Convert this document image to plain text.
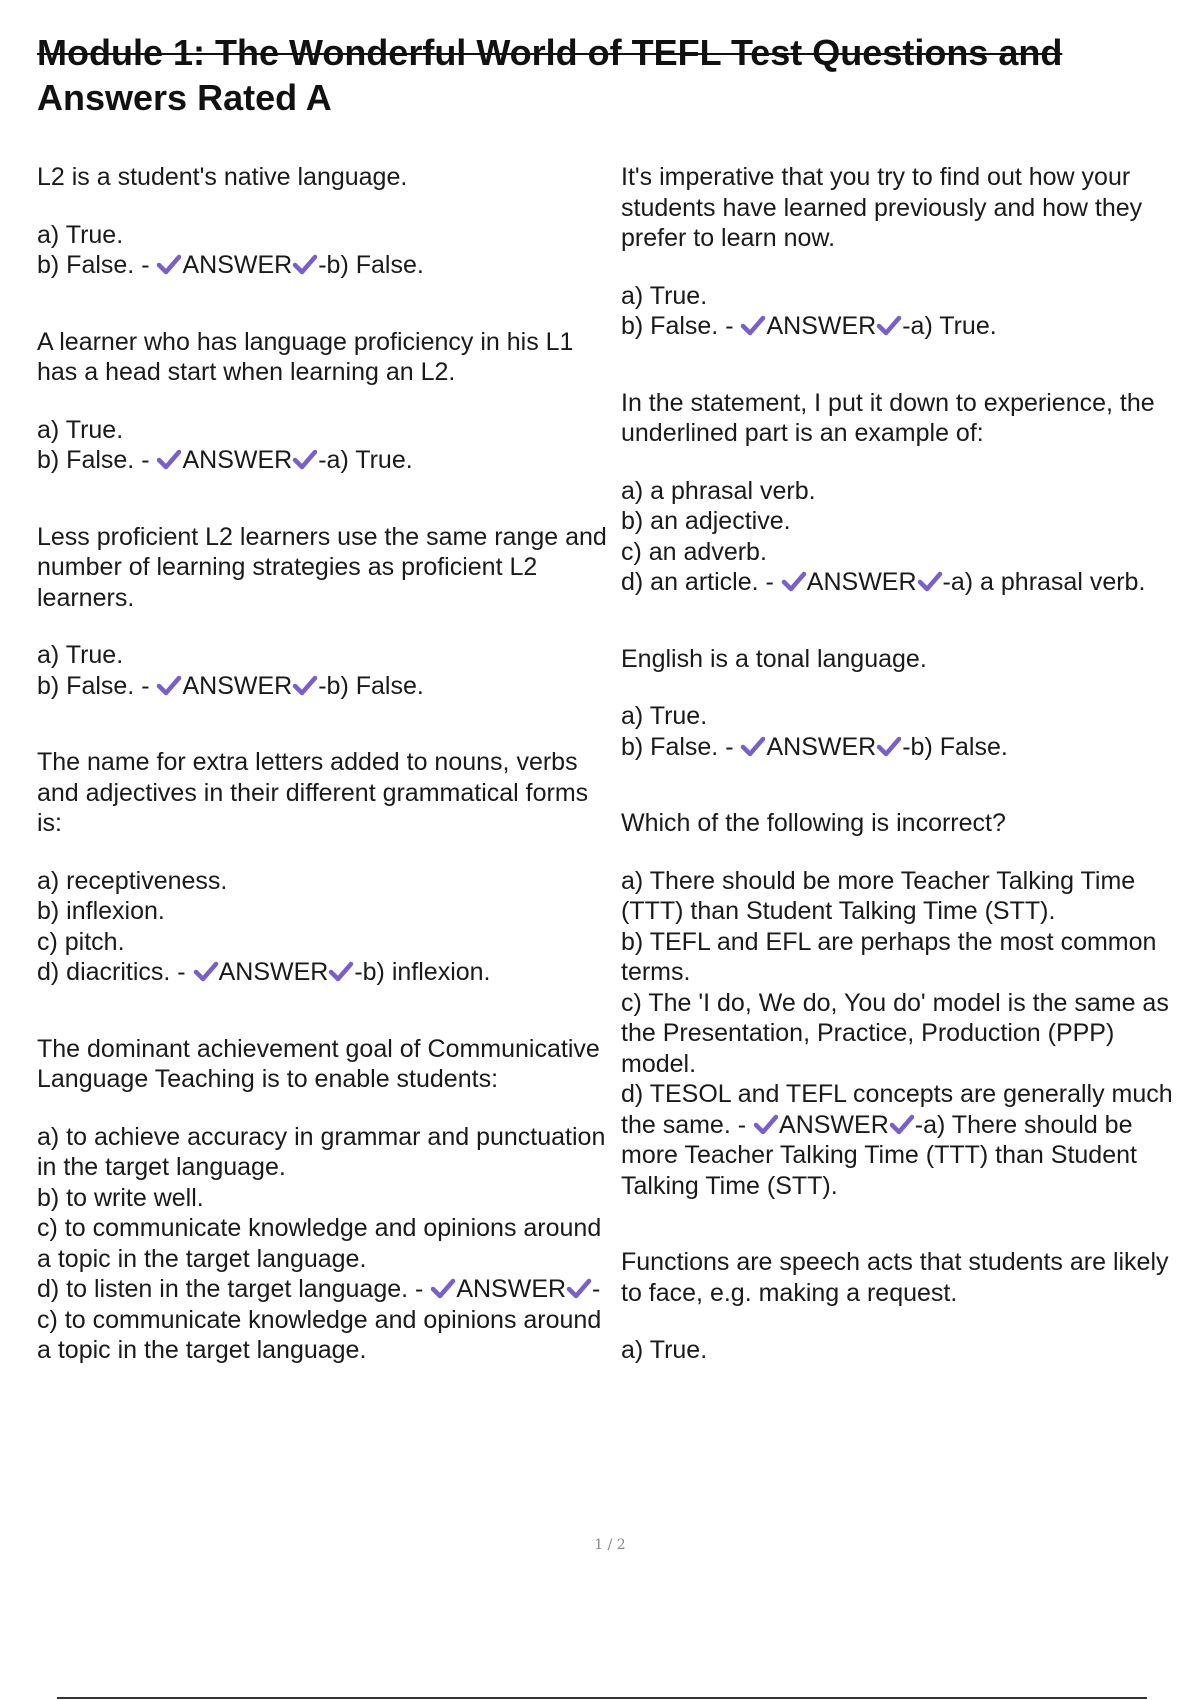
Module 1: The Wonderful World of TEFL Test Questions and
Answers Rated A
L2 is a student's native language.
a) True.
b) False. - ANSWER -b) False.
A learner who has language proficiency in his L1 has a head start when learning an L2.
a) True.
b) False. - ANSWER -a) True.
Less proficient L2 learners use the same range and number of learning strategies as proficient L2 learners.
a) True.
b) False. - ANSWER -b) False.
The name for extra letters added to nouns, verbs and adjectives in their different grammatical forms is:
a) receptiveness.
b) inflexion.
c) pitch.
d) diacritics. - ANSWER -b) inflexion.
The dominant achievement goal of Communicative Language Teaching is to enable students:
a) to achieve accuracy in grammar and punctuation in the target language.
b) to write well.
c) to communicate knowledge and opinions around a topic in the target language.
d) to listen in the target language. - ANSWER -c) to communicate knowledge and opinions around a topic in the target language.
It's imperative that you try to find out how your students have learned previously and how they prefer to learn now.
a) True.
b) False. - ANSWER -a) True.
In the statement, I put it down to experience, the underlined part is an example of:
a) a phrasal verb.
b) an adjective.
c) an adverb.
d) an article. - ANSWER -a) a phrasal verb.
English is a tonal language.
a) True.
b) False. - ANSWER -b) False.
Which of the following is incorrect?
a) There should be more Teacher Talking Time (TTT) than Student Talking Time (STT).
b) TEFL and EFL are perhaps the most common terms.
c) The 'I do, We do, You do' model is the same as the Presentation, Practice, Production (PPP) model.
d) TESOL and TEFL concepts are generally much the same. - ANSWER -a) There should be more Teacher Talking Time (TTT) than Student Talking Time (STT).
Functions are speech acts that students are likely to face, e.g. making a request.
a) True.
1 / 2
